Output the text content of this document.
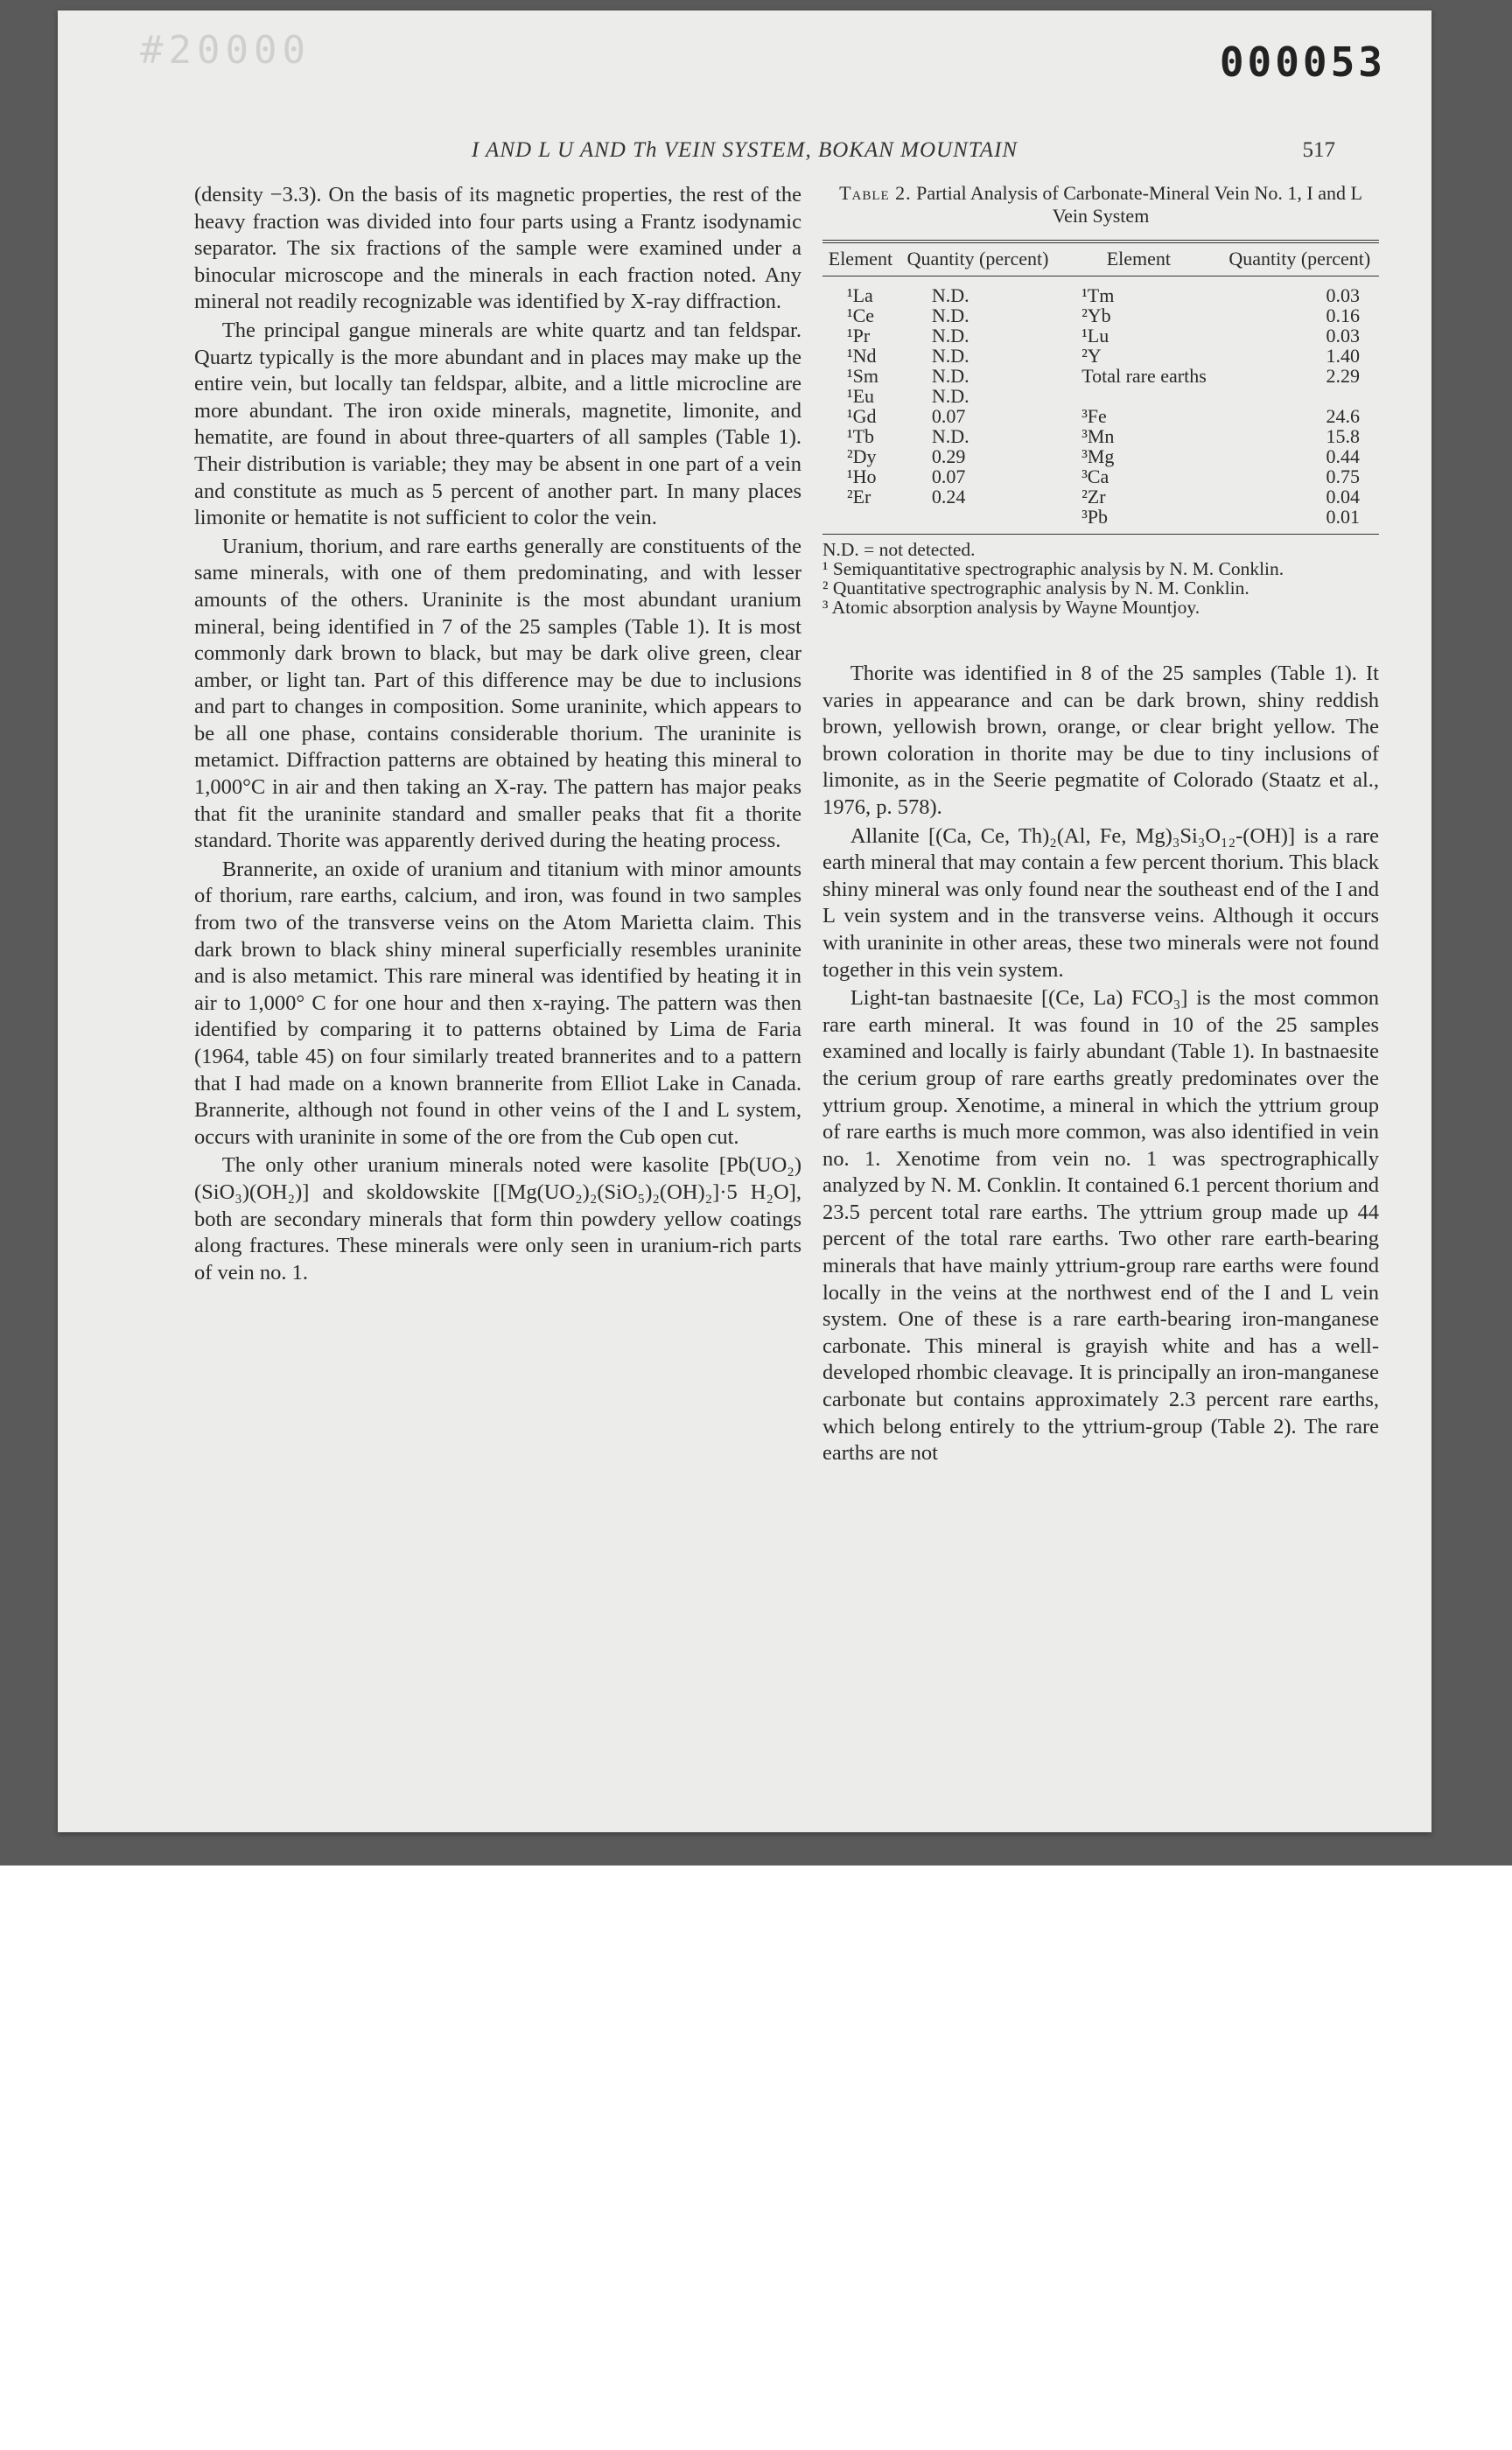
#20000	000053
I AND L U AND Th VEIN SYSTEM, BOKAN MOUNTAIN	517

(density −3.3). On the basis of its magnetic properties, the rest of the heavy fraction was divided into four parts using a Frantz isodynamic separator. The six fractions of the sample were examined under a binocular microscope and the minerals in each fraction noted. Any mineral not readily recognizable was identified by X-ray diffraction.

The principal gangue minerals are white quartz and tan feldspar. Quartz typically is the more abundant and in places may make up the entire vein, but locally tan feldspar, albite, and a little microcline are more abundant. The iron oxide minerals, magnetite, limonite, and hematite, are found in about three-quarters of all samples (Table 1). Their distribution is variable; they may be absent in one part of a vein and constitute as much as 5 percent of another part. In many places limonite or hematite is not sufficient to color the vein.

Uranium, thorium, and rare earths generally are constituents of the same minerals, with one of them predominating, and with lesser amounts of the others. Uraninite is the most abundant uranium mineral, being identified in 7 of the 25 samples (Table 1). It is most commonly dark brown to black, but may be dark olive green, clear amber, or light tan. Part of this difference may be due to inclusions and part to changes in composition. Some uraninite, which appears to be all one phase, contains considerable thorium. The uraninite is metamict. Diffraction patterns are obtained by heating this mineral to 1,000°C in air and then taking an X-ray. The pattern has major peaks that fit the uraninite standard and smaller peaks that fit a thorite standard. Thorite was apparently derived during the heating process.

Brannerite, an oxide of uranium and titanium with minor amounts of thorium, rare earths, calcium, and iron, was found in two samples from two of the transverse veins on the Atom Marietta claim. This dark brown to black shiny mineral superficially resembles uraninite and is also metamict. This rare mineral was identified by heating it in air to 1,000° C for one hour and then x-raying. The pattern was then identified by comparing it to patterns obtained by Lima de Faria (1964, table 45) on four similarly treated brannerites and to a pattern that I had made on a known brannerite from Elliot Lake in Canada. Brannerite, although not found in other veins of the I and L system, occurs with uraninite in some of the ore from the Cub open cut.

The only other uranium minerals noted were kasolite [Pb(UO₂)(SiO₃)(OH₂)] and skoldowskite [[Mg(UO₂)₂(SiO₅)₂(OH)₂]·5 H₂O], both are secondary minerals that form thin powdery yellow coatings along fractures. These minerals were only seen in uranium-rich parts of vein no. 1.

Table 2. Partial Analysis of Carbonate-Mineral Vein No. 1, I and L Vein System
Element	Quantity (percent)	Element	Quantity (percent)
¹La	N.D.	¹Tm	0.03
¹Ce	N.D.	²Yb	0.16
¹Pr	N.D.	¹Lu	0.03
¹Nd	N.D.	²Y	1.40
¹Sm	N.D.	Total rare earths	2.29
¹Eu	N.D.		
¹Gd	0.07	³Fe	24.6
¹Tb	N.D.	³Mn	15.8
²Dy	0.29	³Mg	0.44
¹Ho	0.07	³Ca	0.75
²Er	0.24	²Zr	0.04
		³Pb	0.01
N.D. = not detected.
¹ Semiquantitative spectrographic analysis by N. M. Conklin.
² Quantitative spectrographic analysis by N. M. Conklin.
³ Atomic absorption analysis by Wayne Mountjoy.

Thorite was identified in 8 of the 25 samples (Table 1). It varies in appearance and can be dark brown, shiny reddish brown, yellowish brown, orange, or clear bright yellow. The brown coloration in thorite may be due to tiny inclusions of limonite, as in the Seerie pegmatite of Colorado (Staatz et al., 1976, p. 578).

Allanite [(Ca, Ce, Th)₂(Al, Fe, Mg)₃Si₃O₁₂-(OH)] is a rare earth mineral that may contain a few percent thorium. This black shiny mineral was only found near the southeast end of the I and L vein system and in the transverse veins. Although it occurs with uraninite in other areas, these two minerals were not found together in this vein system.

Light-tan bastnaesite [(Ce, La) FCO₃] is the most common rare earth mineral. It was found in 10 of the 25 samples examined and locally is fairly abundant (Table 1). In bastnaesite the cerium group of rare earths greatly predominates over the yttrium group. Xenotime, a mineral in which the yttrium group of rare earths is much more common, was also identified in vein no. 1. Xenotime from vein no. 1 was spectrographically analyzed by N. M. Conklin. It contained 6.1 percent thorium and 23.5 percent total rare earths. The yttrium group made up 44 percent of the total rare earths. Two other rare earth-bearing minerals that have mainly yttrium-group rare earths were found locally in the veins at the northwest end of the I and L vein system. One of these is a rare earth-bearing iron-manganese carbonate. This mineral is grayish white and has a well-developed rhombic cleavage. It is principally an iron-manganese carbonate but contains approximately 2.3 percent rare earths, which belong entirely to the yttrium-group (Table 2). The rare earths are not
